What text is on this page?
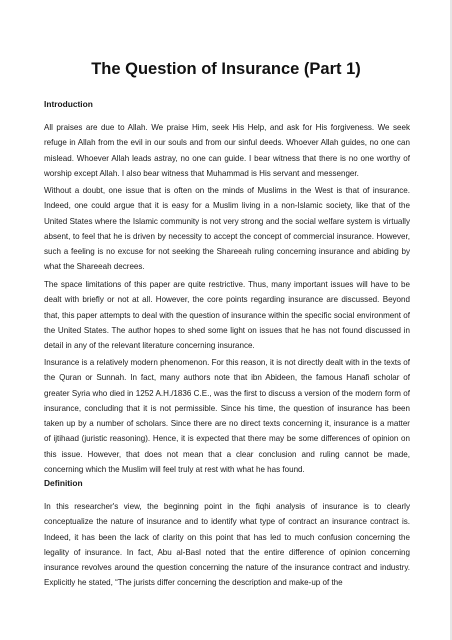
The Question of Insurance (Part 1)
Introduction

All praises are due to Allah. We praise Him, seek His Help, and ask for His forgiveness. We seek refuge in Allah from the evil in our souls and from our sinful deeds. Whoever Allah guides, no one can mislead. Whoever Allah leads astray, no one can guide. I bear witness that there is no one worthy of worship except Allah. I also bear witness that Muhammad is His servant and messenger.

Without a doubt, one issue that is often on the minds of Muslims in the West is that of insurance. Indeed, one could argue that it is easy for a Muslim living in a non-Islamic society, like that of the United States where the Islamic community is not very strong and the social welfare system is virtually absent, to feel that he is driven by necessity to accept the concept of commercial insurance. However, such a feeling is no excuse for not seeking the Shareeah ruling concerning insurance and abiding by what the Shareeah decrees.

The space limitations of this paper are quite restrictive. Thus, many important issues will have to be dealt with briefly or not at all. However, the core points regarding insurance are discussed. Beyond that, this paper attempts to deal with the question of insurance within the specific social environment of the United States. The author hopes to shed some light on issues that he has not found discussed in detail in any of the relevant literature concerning insurance.

Insurance is a relatively modern phenomenon. For this reason, it is not directly dealt with in the texts of the Quran or Sunnah. In fact, many authors note that ibn Abideen, the famous Hanafi scholar of greater Syria who died in 1252 A.H./1836 C.E., was the first to discuss a version of the modern form of insurance, concluding that it is not permissible. Since his time, the question of insurance has been taken up by a number of scholars. Since there are no direct texts concerning it, insurance is a matter of ijtihaad (juristic reasoning). Hence, it is expected that there may be some differences of opinion on this issue. However, that does not mean that a clear conclusion and ruling cannot be made, concerning which the Muslim will feel truly at rest with what he has found.

Definition

In this researcher's view, the beginning point in the fiqhi analysis of insurance is to clearly conceptualize the nature of insurance and to identify what type of contract an insurance contract is. Indeed, it has been the lack of clarity on this point that has led to much confusion concerning the legality of insurance. In fact, Abu al-Basl noted that the entire difference of opinion concerning insurance revolves around the question concerning the nature of the insurance contract and industry. Explicitly he stated, “The jurists differ concerning the description and make-up of the
